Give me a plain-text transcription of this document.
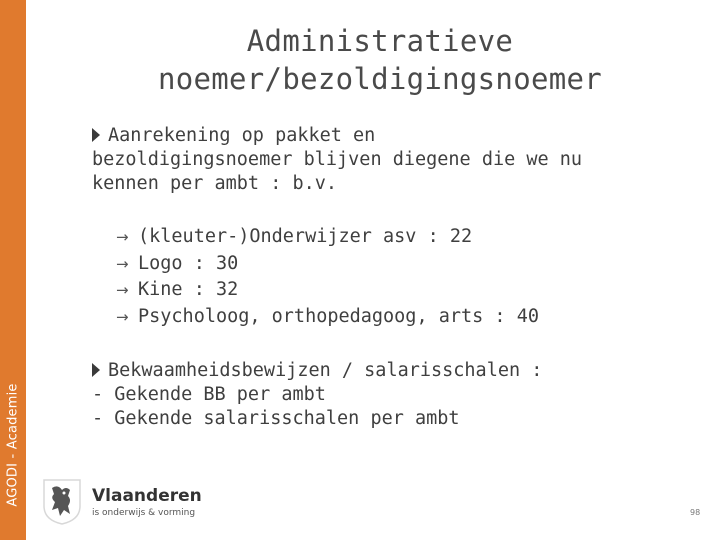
AGODI - Academie
Administratieve
noemer/bezoldigingsnoemer
Aanrekening op pakket en
bezoldigingsnoemer blijven diegene die we nu
kennen per ambt : b.v.
→ (kleuter-)Onderwijzer asv : 22
→ Logo : 30
→ Kine : 32
→ Psycholoog, orthopedagoog, arts : 40
Bekwaamheidsbewijzen / salarisschalen :
- Gekende BB per ambt
- Gekende salarisschalen per ambt
Vlaanderen
is onderwijs & vorming	98
